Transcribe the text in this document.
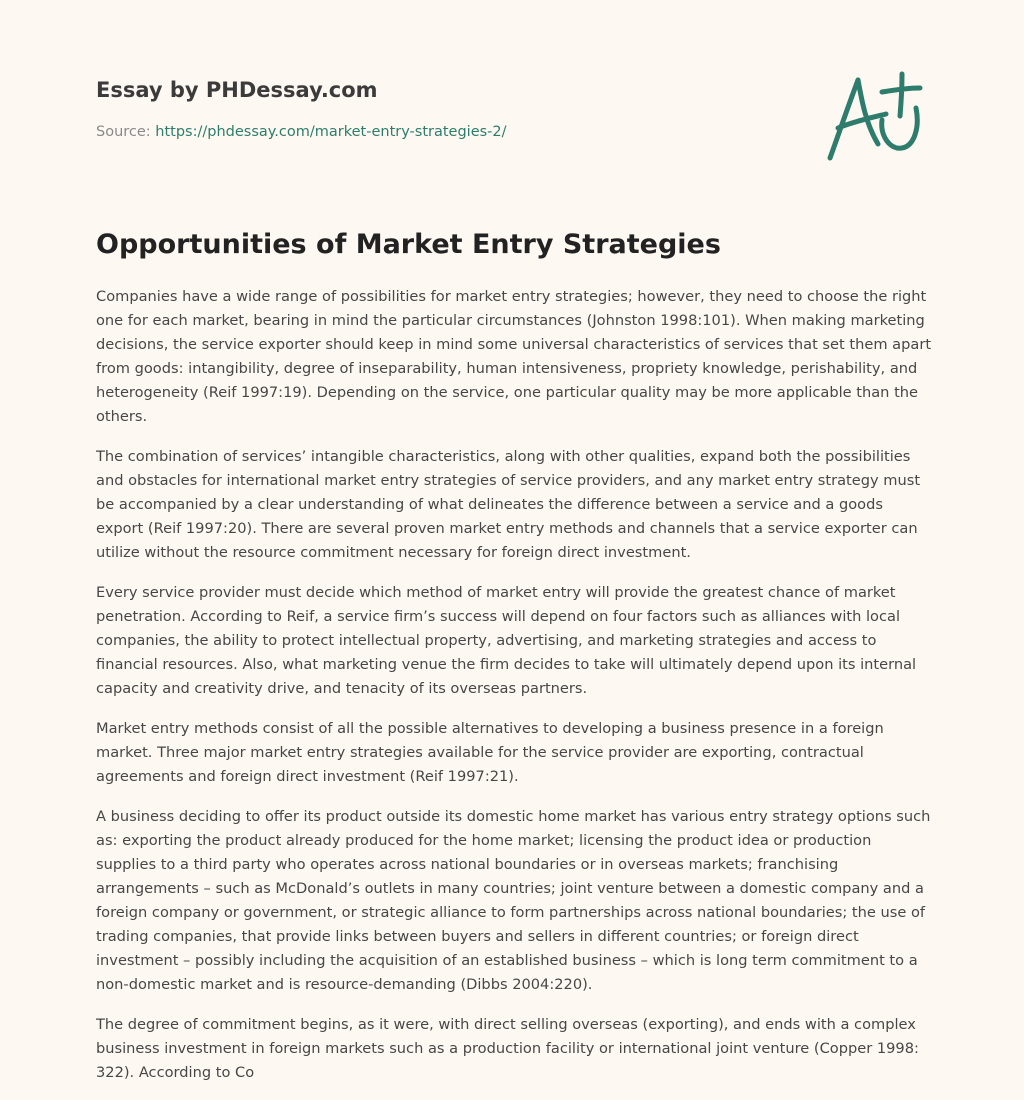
Essay by PHDessay.com
Source: https://phdessay.com/market-entry-strategies-2/
Opportunities of Market Entry Strategies

Companies have a wide range of possibilities for market entry strategies; however, they need to choose the right one for each market, bearing in mind the particular circumstances (Johnston 1998:101). When making marketing decisions, the service exporter should keep in mind some universal characteristics of services that set them apart from goods: intangibility, degree of inseparability, human intensiveness, propriety knowledge, perishability, and heterogeneity (Reif 1997:19). Depending on the service, one particular quality may be more applicable than the others.

The combination of services’ intangible characteristics, along with other qualities, expand both the possibilities and obstacles for international market entry strategies of service providers, and any market entry strategy must be accompanied by a clear understanding of what delineates the difference between a service and a goods export (Reif 1997:20). There are several proven market entry methods and channels that a service exporter can utilize without the resource commitment necessary for foreign direct investment.

Every service provider must decide which method of market entry will provide the greatest chance of market penetration. According to Reif, a service firm’s success will depend on four factors such as alliances with local companies, the ability to protect intellectual property, advertising, and marketing strategies and access to financial resources. Also, what marketing venue the firm decides to take will ultimately depend upon its internal capacity and creativity drive, and tenacity of its overseas partners.

Market entry methods consist of all the possible alternatives to developing a business presence in a foreign market. Three major market entry strategies available for the service provider are exporting, contractual agreements and foreign direct investment (Reif 1997:21).

A business deciding to offer its product outside its domestic home market has various entry strategy options such as: exporting the product already produced for the home market; licensing the product idea or production supplies to a third party who operates across national boundaries or in overseas markets; franchising arrangements – such as McDonald’s outlets in many countries; joint venture between a domestic company and a foreign company or government, or strategic alliance to form partnerships across national boundaries; the use of trading companies, that provide links between buyers and sellers in different countries; or foreign direct investment – possibly including the acquisition of an established business – which is long term commitment to a non-domestic market and is resource-demanding (Dibbs 2004:220).

The degree of commitment begins, as it were, with direct selling overseas (exporting), and ends with a complex business investment in foreign markets such as a production facility or international joint venture (Copper 1998: 322). According to Co
